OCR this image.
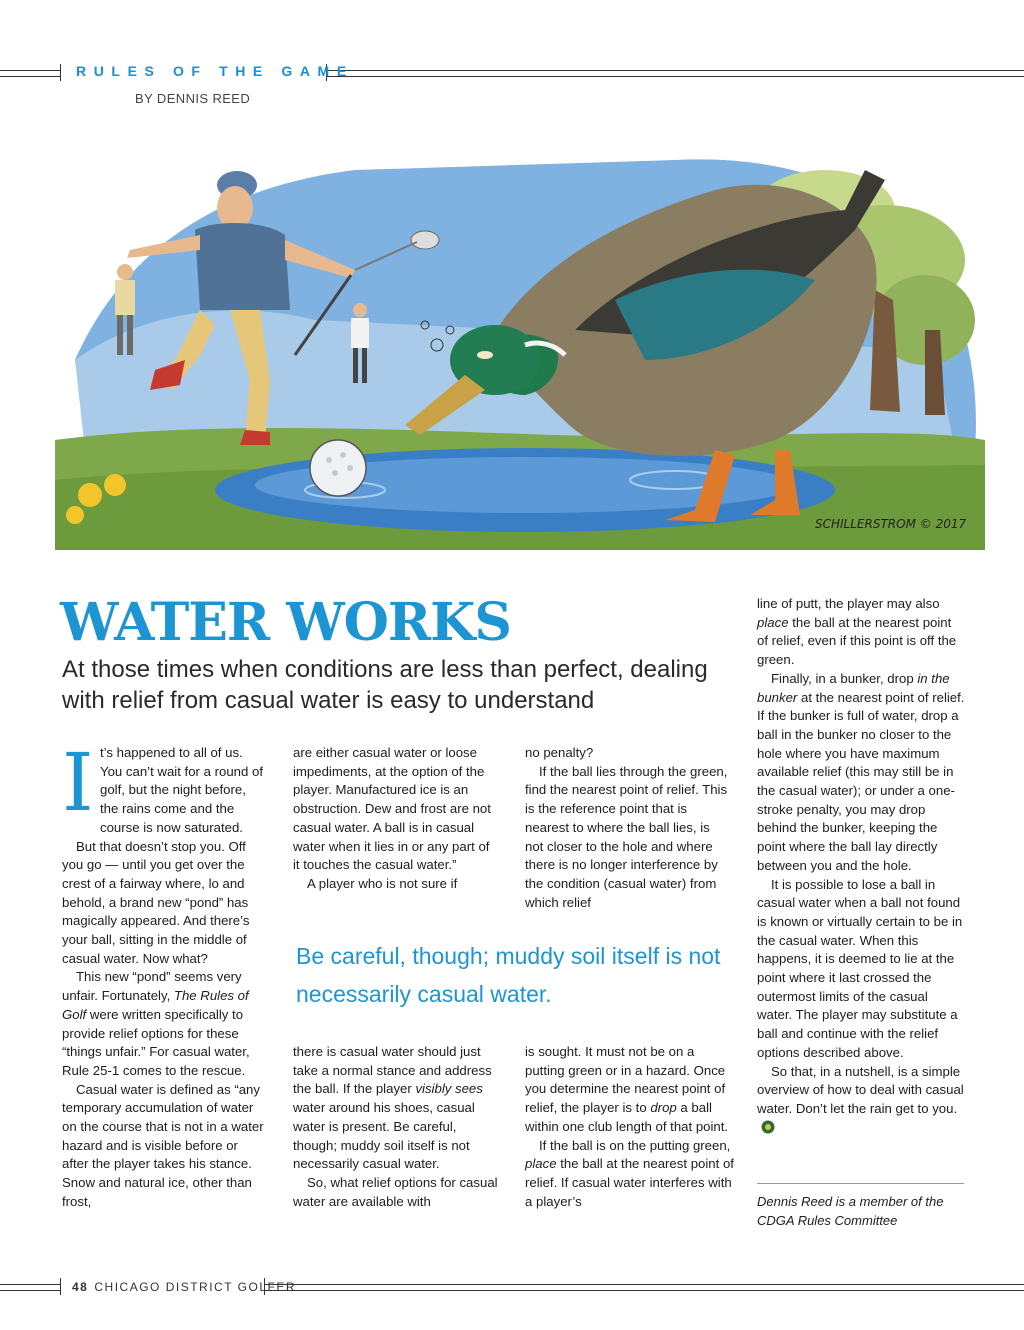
RULES OF THE GAME
BY DENNIS REED
SCHILLERSTROM © 2017
WATER WORKS
At those times when conditions are less than perfect, dealing with relief from casual water is easy to understand

It’s happened to all of us. You can’t wait for a round of golf, but the night before, the rains come and the course is now saturated.

But that doesn’t stop you. Off you go — until you get over the crest of a fairway where, lo and behold, a brand new “pond” has magically appeared. And there’s your ball, sitting in the middle of casual water. Now what?

This new “pond” seems very unfair. Fortunately, The Rules of Golf were written specifically to provide relief options for these “things unfair.” For casual water, Rule 25-1 comes to the rescue.

Casual water is defined as “any temporary accumulation of water on the course that is not in a water hazard and is visible before or after the player takes his stance. Snow and natural ice, other than frost,

are either casual water or loose impediments, at the option of the player. Manufactured ice is an obstruction. Dew and frost are not casual water. A ball is in casual water when it lies in or any part of it touches the casual water.”

A player who is not sure if

no penalty?

If the ball lies through the green, find the nearest point of relief. This is the reference point that is nearest to where the ball lies, is not closer to the hole and where there is no longer interference by the condition (casual water) from which relief

Be careful, though; muddy soil itself is not necessarily casual water.

there is casual water should just take a normal stance and address the ball. If the player visibly sees water around his shoes, casual water is present. Be careful, though; muddy soil itself is not necessarily casual water.

So, what relief options for casual water are available with

is sought. It must not be on a putting green or in a hazard. Once you determine the nearest point of relief, the player is to drop a ball within one club length of that point.

If the ball is on the putting green, place the ball at the nearest point of relief. If casual water interferes with a player’s

line of putt, the player may also place the ball at the nearest point of relief, even if this point is off the green.

Finally, in a bunker, drop in the bunker at the nearest point of relief. If the bunker is full of water, drop a ball in the bunker no closer to the hole where you have maximum available relief (this may still be in the casual water); or under a one-stroke penalty, you may drop behind the bunker, keeping the point where the ball lay directly between you and the hole.

It is possible to lose a ball in casual water when a ball not found is known or virtually certain to be in the casual water. When this happens, it is deemed to lie at the point where it last crossed the outermost limits of the casual water. The player may substitute a ball and continue with the relief options described above.

So that, in a nutshell, is a simple overview of how to deal with casual water. Don’t let the rain get to you.

Dennis Reed is a member of the CDGA Rules Committee
48 CHICAGO DISTRICT GOLFER
